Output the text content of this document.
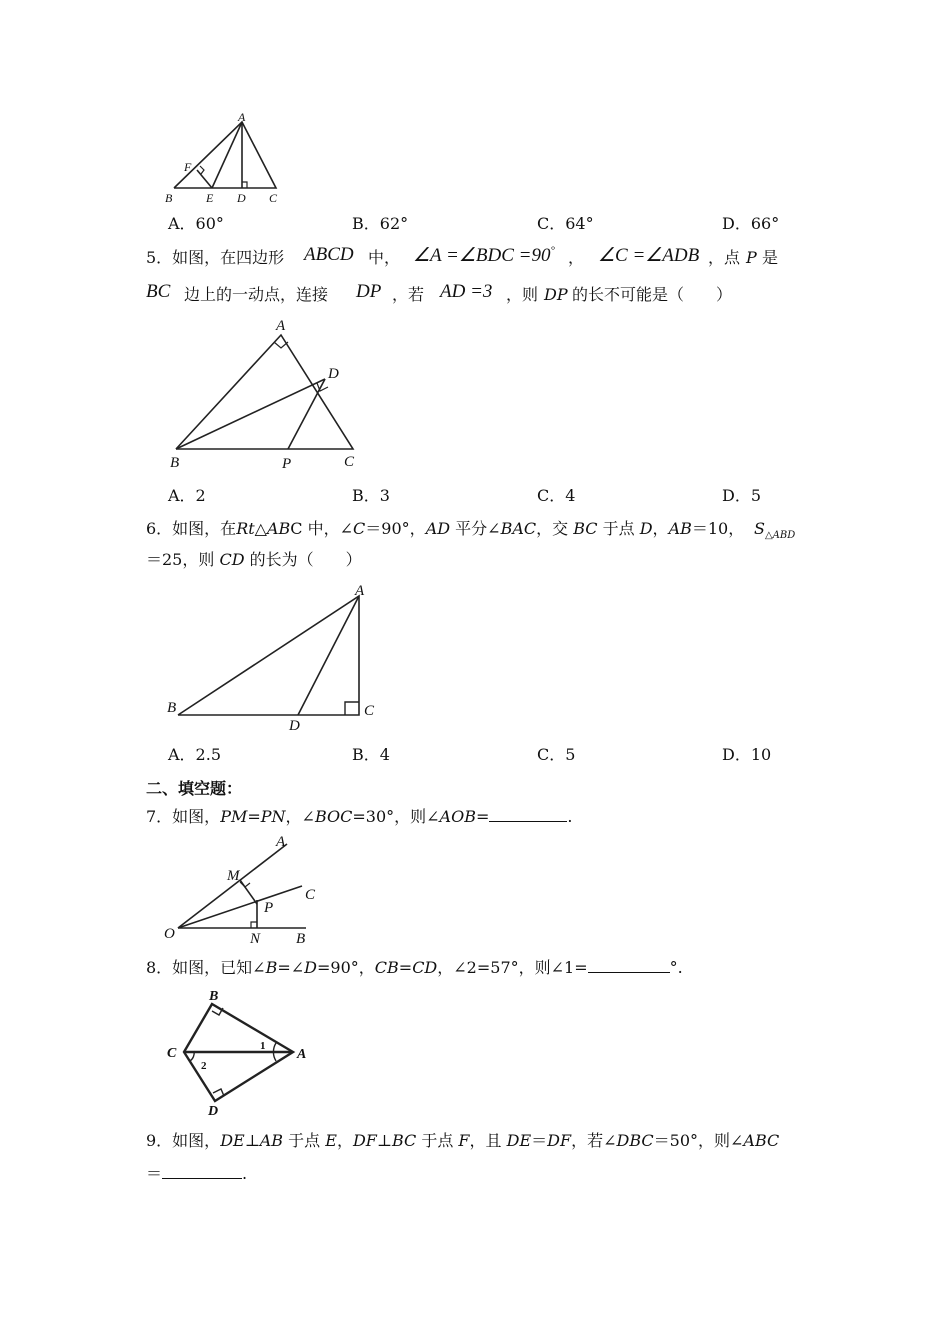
A
F
B	E D C
A．60°	B．62°	C．64°	D．66°
5．如图，在四边形 ABCD 中， ∠A =∠BDC =90° ， ∠C =∠ADB ，点 P 是
BC 边上的一动点，连接 DP ，若 AD =3 ，则 DP 的长不可能是（　　）
A
D
B	P	C
A．2	B．3	C．4	D．5
6．如图，在Rt△ABC 中，∠C＝90°，AD 平分∠BAC，交 BC 于点 D，AB＝10， $S_{\triangle ABD}$
＝25，则 CD 的长为（　　）
A
B
D
C
A．2.5	B．4	C．5	D．10
二、填空题：
7．如图，PM=PN，∠BOC=30°，则∠AOB=	.
A
M
C
P
O	N B
8．如图，已知∠B=∠D=90°，CB=CD，∠2=57°，则∠1=	°.
B
C	A
D
1
2
9．如图，DE⊥AB 于点 E，DF⊥BC 于点 F，且 DE＝DF，若∠DBC＝50°，则∠ABC
＝	.
